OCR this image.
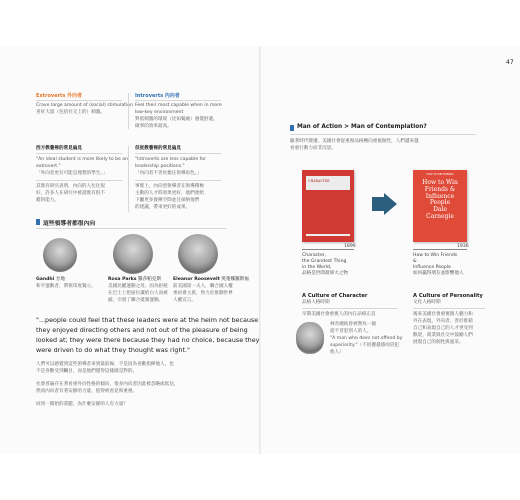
47
Extroverts 外向者
Crave large amount of (social) stimulation
喜好大量（包括社交上的）刺激。
Introverts 內向者
Feel their most capable when in more
low-key environment
對低刺激的環境（比如獨處）感覺舒適，
做事的效率最高。
西方教養裡的常見偏見
"An ideal student is more likely to be an
extrovert."
「外向者更有可能是理想的學生。」
其實有研究表明，內向的人往往很
好，許多人在研究中被證實有很不
錯的能力。
但從教養裡的常見偏見
"Introverts are less capable for
leadership positions."
「內向者不善於擔任領導角色。」
事實上，內向型領導者在領導積極
主動的人才時效果更好，他們會給
下屬更多發揮空間並且採納他們
的建議，帶來更好的成果。
這些領導者都很內向
Gandhi 甘地
和平運動者，帶領印度獨立。
Rosa Parks 羅莎帕克斯
美國民權運動之母，因為拒絕
在巴士上把座位讓給白人而被
捕，引發了聯合抵制運動。
Eleanor Roosevelt 愛蓮娜羅斯福
前美國第一夫人，聯合國人權
委員會主席，致力於推動世界
人權宣言。
"...people could feel that these leaders were at the helm not because
they enjoyed directing others and not out of the pleasure of being
looked at; they were there because they had no choice, because they
were driven to do what they thought was right."
人們可以感覺到這些領導者來到最前線，不是因為喜歡指揮他人，也
不是喜歡受到矚目，而是他們覺得這樣做是對的。
社會普遍存在著看重外向性格的傾向，很多內向者因此被忽略或低估，
然而內向者有著安靜的力量，值得被看見和重視。
回到一開始的書題，為什麼安靜的人有力量？
Man of Action > Man of Contemplation?
隨著時代變遷，美國社會從重視品格轉向重視個性，人們越來越
看重行動力而非沉思。
CHARACTER
1899
Character,
the Grandest Thing
in the World,
品格是世間最偉大之物
HOW TO WIN FRIENDS
How to Win
Friends &
Influence
People
Dale
Carnegie
1936
How to Win Friends
&
Influence People
如何贏得朋友並影響他人
A Culture of Character
品格人格時期
早期美國社會重視人的內在品格正直
A Culture of Personality
文化人格時期
後來美國社會重視個人魅力和
外在表現，外向者、善於推銷
自己和表現自己的人才更受到
歡迎，商業與社交中鼓勵人們
展現自己的個性與風采。
林肯總統曾被譽為一個
從不冒犯別人的人。
"A man who does not offend by
superiority."（不因優越感而冒犯
他人）
